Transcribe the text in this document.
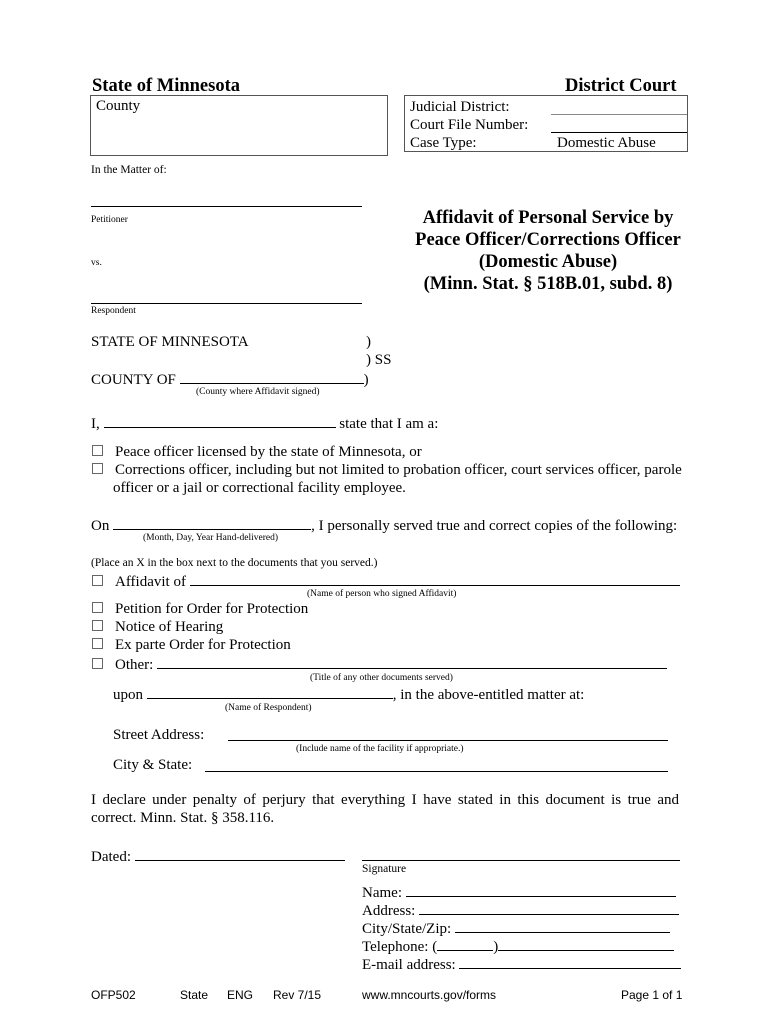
State of Minnesota	District Court
County	Judicial District:
Court File Number:
Case Type:	Domestic Abuse
In the Matter of:
Petitioner
vs.
Respondent
Affidavit of Personal Service by
Peace Officer/Corrections Officer
(Domestic Abuse)
(Minn. Stat. § 518B.01, subd. 8)
STATE OF MINNESOTA	)
) SS
COUNTY OF	)
(County where Affidavit signed)
I,	state that I am a:
Peace officer licensed by the state of Minnesota, or
Corrections officer, including but not limited to probation officer, court services officer, parole
officer or a jail or correctional facility employee.
On	, I personally served true and correct copies of the following:
(Month, Day, Year Hand-delivered)
(Place an X in the box next to the documents that you served.)
Affidavit of
(Name of person who signed Affidavit)
Petition for Order for Protection
Notice of Hearing
Ex parte Order for Protection
Other:
(Title of any other documents served)
upon	, in the above-entitled matter at:
(Name of Respondent)
Street Address:
(Include name of the facility if appropriate.)
City & State:
I declare under penalty of perjury that everything I have stated in this document is true and
correct. Minn. Stat. § 358.116.
Dated:
Signature
Name:
Address:
City/State/Zip:
Telephone: (	)
E-mail address:
OFP502	State ENG Rev 7/15	www.mncourts.gov/forms	Page 1 of 1
